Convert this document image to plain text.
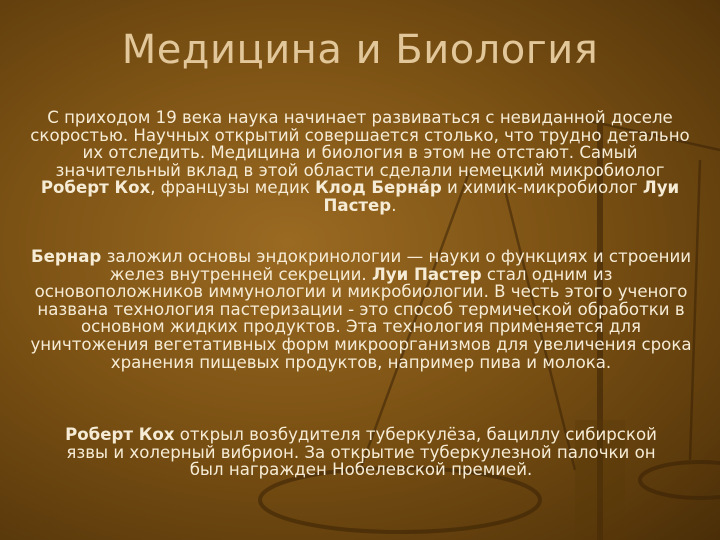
Медицина и Биология
С приходом 19 века наука начинает развиваться с невиданной доселе скоростью. Научных открытий совершается столько, что трудно детально их отследить. Медицина и биология в этом не отстают. Самый значительный вклад в этой области сделали немецкий микробиолог Роберт Кох, французы медик Клод Берна́р и химик-микробиолог Луи Пастер.
Бернар заложил основы эндокринологии — науки о функциях и строении желез внутренней секреции. Луи Пастер стал одним из основоположников иммунологии и микробиологии. В честь этого ученого названа технология пастеризации - это способ термической обработки в основном жидких продуктов. Эта технология применяется для уничтожения вегетативных форм микроорганизмов для увеличения срока хранения пищевых продуктов, например пива и молока.
Роберт Кох открыл возбудителя туберкулёза, бациллу сибирской язвы и холерный вибрион. За открытие туберкулезной палочки он был награжден Нобелевской премией.
